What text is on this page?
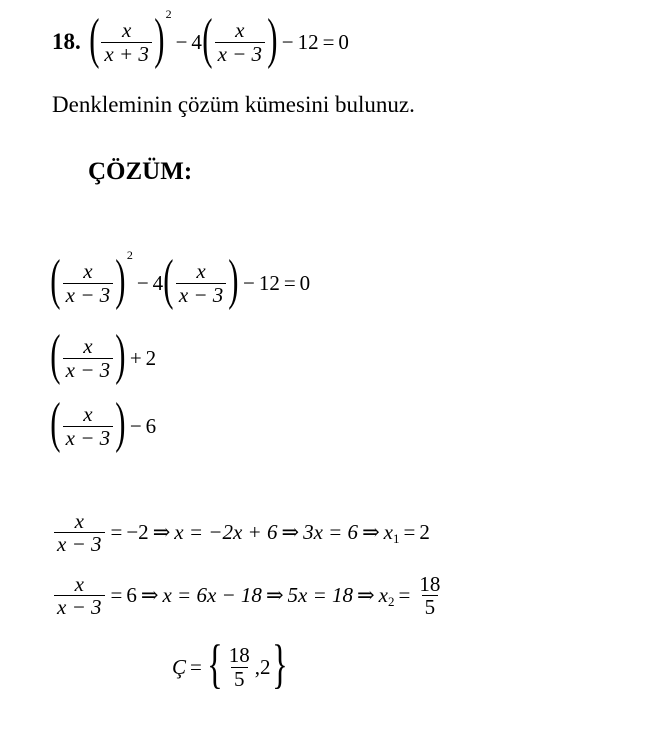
18. ( $\frac{x}{x + 3}$ ) 2
− 4 ( $\frac{x}{x - 3}$ ) − 12 = 0
Denkleminin çözüm kümesini bulunuz.
ÇÖZÜM:
( $\frac{x}{x - 3}$ ) 2
− 4 ( $\frac{x}{x - 3}$ ) − 12 = 0
( $\frac{x}{x - 3}$ ) + 2
( $\frac{x}{x - 3}$ ) − 6
$\frac{x}{x - 3} = -2$ ⇒ x = −2x + 6 ⇒ 3x = 6 ⇒ x 1 = 2
$\frac{x}{x - 3} = 6$ ⇒ x = 6x − 18 ⇒ 5x = 18 ⇒ x $2 = \frac{18}{5}$
Ç = { $\frac{18}{5}$ , 2 }
